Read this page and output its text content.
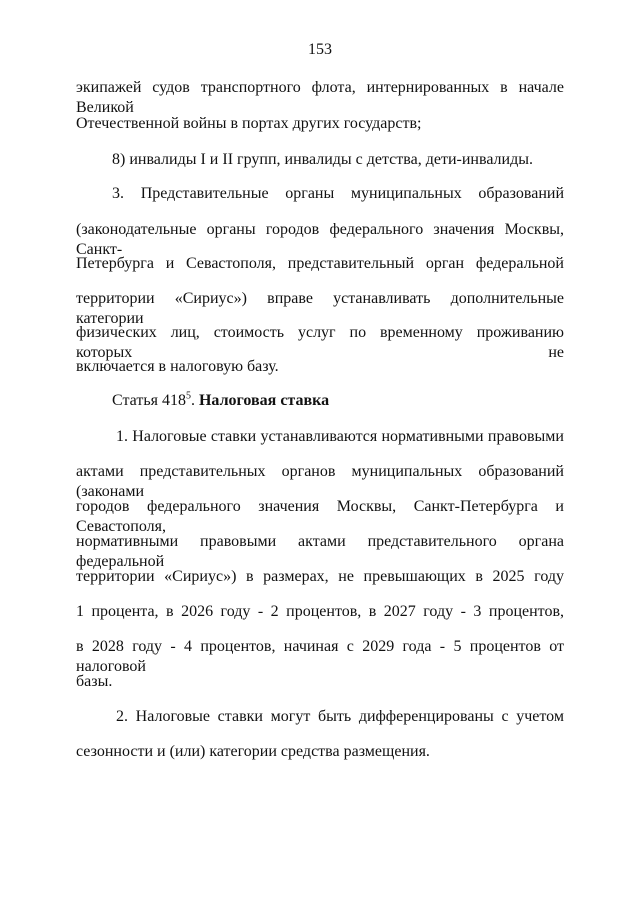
153
экипажей судов транспортного флота, интернированных в начале Великой
Отечественной войны в портах других государств;
8) инвалиды I и II групп, инвалиды с детства, дети-инвалиды.
3. Представительные органы муниципальных образований
(законодательные органы городов федерального значения Москвы, Санкт-
Петербурга и Севастополя, представительный орган федеральной
территории «Сириус») вправе устанавливать дополнительные категории
физических лиц, стоимость услуг по временному проживанию которых не
включается в налоговую базу.
Статья $418^5$. Налоговая ставка
1. Налоговые ставки устанавливаются нормативными правовыми
актами представительных органов муниципальных образований (законами
городов федерального значения Москвы, Санкт-Петербурга и Севастополя,
нормативными правовыми актами представительного органа федеральной
территории «Сириус») в размерах, не превышающих в 2025 году
1 процента, в 2026 году - 2 процентов, в 2027 году - 3 процентов,
в 2028 году - 4 процентов, начиная с 2029 года - 5 процентов от налоговой
базы.
2. Налоговые ставки могут быть дифференцированы с учетом
сезонности и (или) категории средства размещения.
